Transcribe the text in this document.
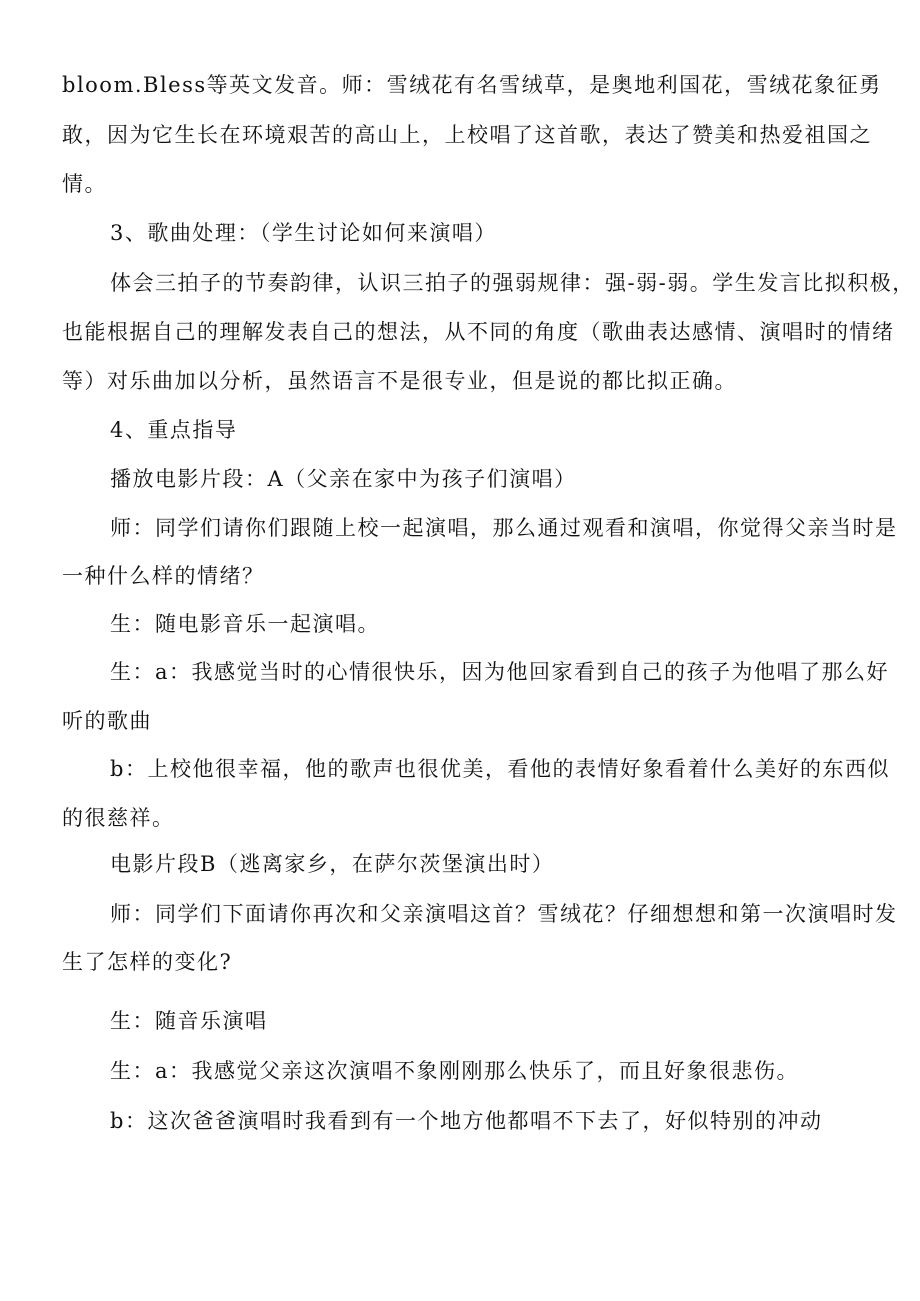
bloom.Bless等英文发音。师：雪绒花有名雪绒草，是奥地利国花，雪绒花象征勇

敢，因为它生长在环境艰苦的高山上，上校唱了这首歌，表达了赞美和热爱祖国之

情。

3、歌曲处理：（学生讨论如何来演唱）

体会三拍子的节奏韵律，认识三拍子的强弱规律：强-弱-弱。学生发言比拟积极，

也能根据自己的理解发表自己的想法，从不同的角度（歌曲表达感情、演唱时的情绪

等）对乐曲加以分析，虽然语言不是很专业，但是说的都比拟正确。

4、重点指导

播放电影片段：A（父亲在家中为孩子们演唱）

师：同学们请你们跟随上校一起演唱，那么通过观看和演唱，你觉得父亲当时是

一种什么样的情绪？

生：随电影音乐一起演唱。

生：a：我感觉当时的心情很快乐，因为他回家看到自己的孩子为他唱了那么好

听的歌曲

b：上校他很幸福，他的歌声也很优美，看他的表情好象看着什么美好的东西似

的很慈祥。

电影片段B（逃离家乡，在萨尔茨堡演出时）

师：同学们下面请你再次和父亲演唱这首？雪绒花？仔细想想和第一次演唱时发

生了怎样的变化?

生：随音乐演唱

生：a：我感觉父亲这次演唱不象刚刚那么快乐了，而且好象很悲伤。

b：这次爸爸演唱时我看到有一个地方他都唱不下去了，好似特别的冲动
